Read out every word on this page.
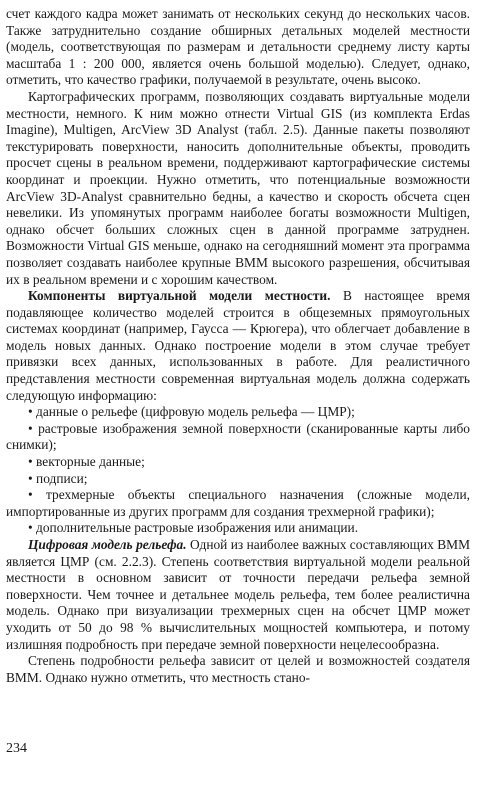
счет каждого кадра может занимать от нескольких секунд до нескольких часов. Также затруднительно создание обширных детальных моделей местности (модель, соответствующая по размерам и детальности среднему листу карты масштаба 1 : 200 000, является очень большой моделью). Следует, однако, отметить, что качество графики, получаемой в результате, очень высоко.

Картографических программ, позволяющих создавать виртуальные модели местности, немного. К ним можно отнести Virtual GIS (из комплекта Erdas Imagine), Multigen, ArcView 3D Analyst (табл. 2.5). Данные пакеты позволяют текстурировать поверхности, наносить дополнительные объекты, проводить просчет сцены в реальном времени, поддерживают картографические системы координат и проекции. Нужно отметить, что потенциальные возможности ArcView 3D-Analyst сравнительно бедны, а качество и скорость обсчета сцен невелики. Из упомянутых программ наиболее богаты возможности Multigen, однако обсчет больших сложных сцен в данной программе затруднен. Возможности Virtual GIS меньше, однако на сегодняшний момент эта программа позволяет создавать наиболее крупные ВММ высокого разрешения, обсчитывая их в реальном времени и с хорошим качеством.

Компоненты виртуальной модели местности. В настоящее время подавляющее количество моделей строится в общеземных прямоугольных системах координат (например, Гаусса — Крюгера), что облегчает добавление в модель новых данных. Однако построение модели в этом случае требует привязки всех данных, использованных в работе. Для реалистичного представления местности современная виртуальная модель должна содержать следующую информацию:

• данные о рельефе (цифровую модель рельефа — ЦМР);
• растровые изображения земной поверхности (сканированные карты либо снимки);
• векторные данные;
• подписи;
• трехмерные объекты специального назначения (сложные модели, импортированные из других программ для создания трехмерной графики);
• дополнительные растровые изображения или анимации.

Цифровая модель рельефа. Одной из наиболее важных составляющих ВММ является ЦМР (см. 2.2.3). Степень соответствия виртуальной модели реальной местности в основном зависит от точности передачи рельефа земной поверхности. Чем точнее и детальнее модель рельефа, тем более реалистична модель. Однако при визуализации трехмерных сцен на обсчет ЦМР может уходить от 50 до 98 % вычислительных мощностей компьютера, и потому излишняя подробность при передаче земной поверхности нецелесообразна.

Степень подробности рельефа зависит от целей и возможностей создателя ВММ. Однако нужно отметить, что местность стано-

234
